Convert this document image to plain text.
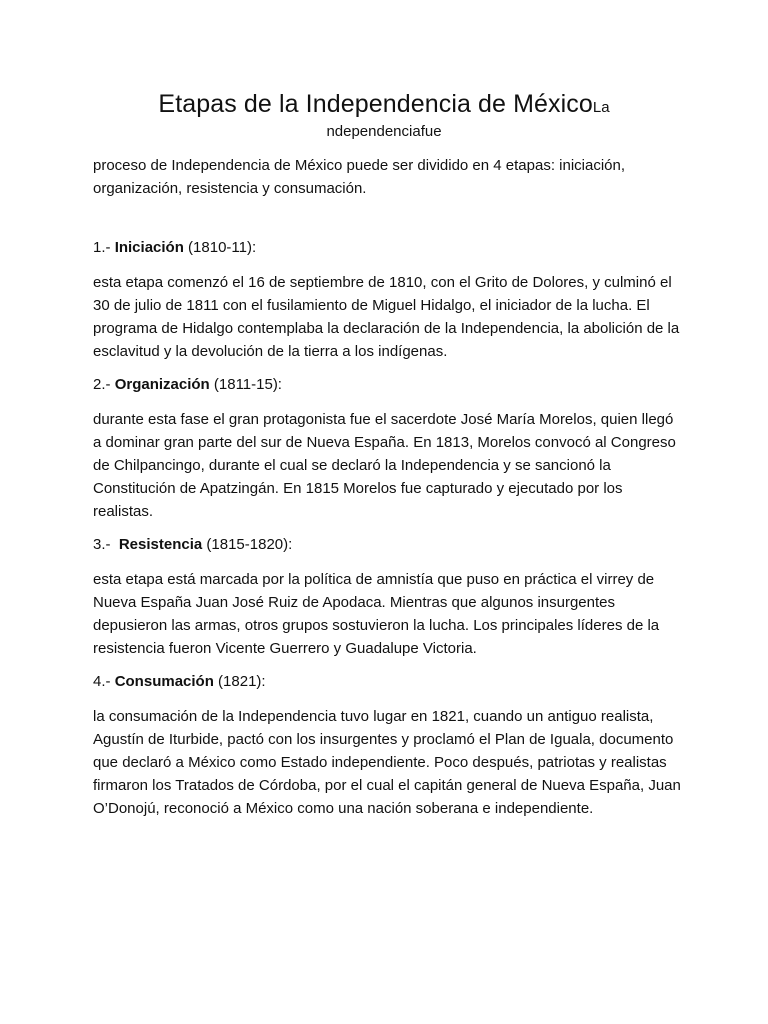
Etapas de la Independencia de MéxicoLa
ndependenciafue

proceso de Independencia de México puede ser dividido en 4 etapas: iniciación, organización, resistencia y consumación.

1.- Iniciación (1810-11):

esta etapa comenzó el 16 de septiembre de 1810, con el Grito de Dolores, y culminó el 30 de julio de 1811 con el fusilamiento de Miguel Hidalgo, el iniciador de la lucha. El programa de Hidalgo contemplaba la declaración de la Independencia, la abolición de la esclavitud y la devolución de la tierra a los indígenas.

2.- Organización (1811-15):

durante esta fase el gran protagonista fue el sacerdote José María Morelos, quien llegó a dominar gran parte del sur de Nueva España. En 1813, Morelos convocó al Congreso de Chilpancingo, durante el cual se declaró la Independencia y se sancionó la Constitución de Apatzingán. En 1815 Morelos fue capturado y ejecutado por los realistas.

3.-  Resistencia (1815-1820):

esta etapa está marcada por la política de amnistía que puso en práctica el virrey de Nueva España Juan José Ruiz de Apodaca. Mientras que algunos insurgentes depusieron las armas, otros grupos sostuvieron la lucha. Los principales líderes de la resistencia fueron Vicente Guerrero y Guadalupe Victoria.

4.- Consumación (1821):

la consumación de la Independencia tuvo lugar en 1821, cuando un antiguo realista, Agustín de Iturbide, pactó con los insurgentes y proclamó el Plan de Iguala, documento que declaró a México como Estado independiente. Poco después, patriotas y realistas firmaron los Tratados de Córdoba, por el cual el capitán general de Nueva España, Juan O’Donojú, reconoció a México como una nación soberana e independiente.
